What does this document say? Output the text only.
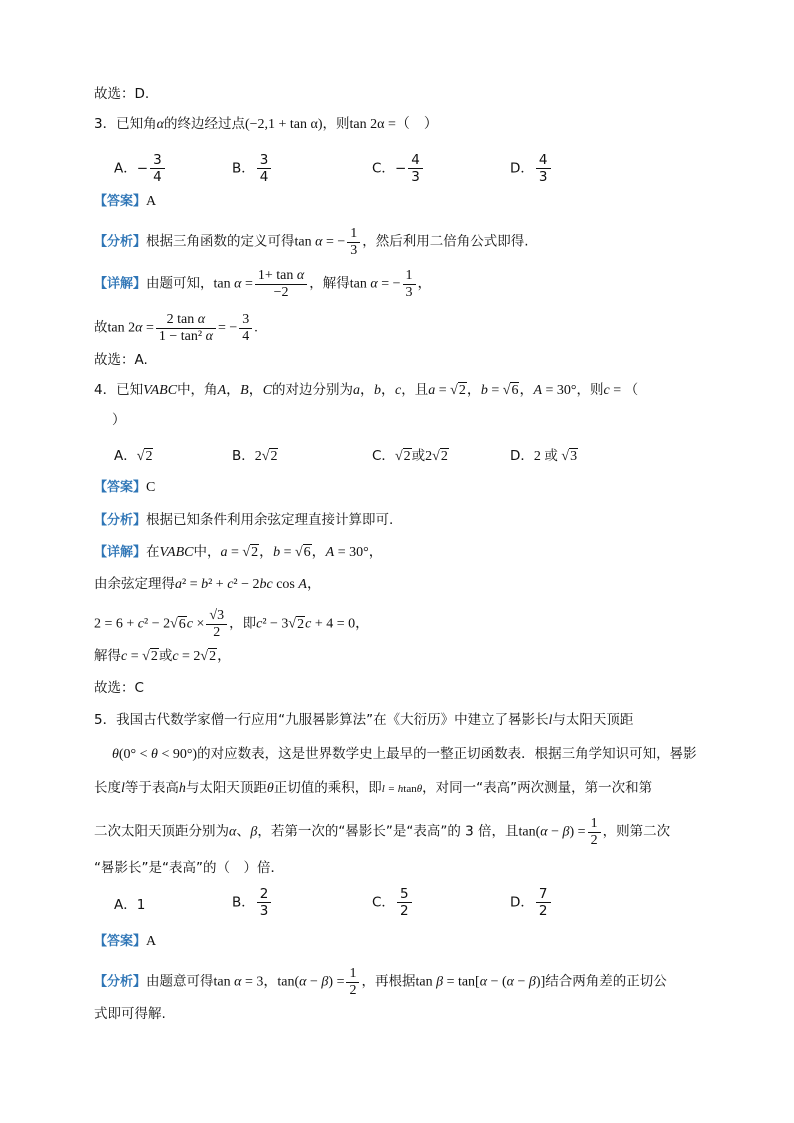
故选：D.
3．已知角α的终边经过点(−2,1 + tan α)，则tan 2α =（　）
A．− $\frac{3}{4}$	B． $\frac{3}{4}$	C．− $\frac{4}{3}$	D． $\frac{4}{3}$
【答案】A
【分析】根据三角函数的定义可得tan α = − $\frac{1}{3}$ ，然后利用二倍角公式即得.
【详解】由题可知，$\tan \alpha = \frac{\text{1+ tan α}}{-2}$ ，解得tan α = − $\frac{1}{3}$ ，
故$\tan 2\alpha = \frac{\text{2 tan α}}{\text{1 − tan² α}}$ = − $\frac{3}{4}$ .
故选：A.
4．已知VABC中，角A，B，C的对边分别为a，b，c，且a = √2，b = √6，A = 30°，则c = （
）
A．√2	B．2√2	C．√2或2√2	D．2 或 √3
【答案】C
【分析】根据已知条件利用余弦定理直接计算即可.
【详解】在VABC中，a = √2，b = √6，A = 30°，
由余弦定理得a² = b² + c² − 2bc cos A，
$2 = 6 + c^2 - 2√6c \times \frac{√3}{2}$ ，即c² − 3√2c + 4 = 0，
解得c = √2或c = 2√2，
故选：C
5．我国古代数学家僧一行应用“九服晷影算法”在《大衍历》中建立了晷影长l与太阳天顶距
θ(0° < θ < 90°)的对应数表，这是世界数学史上最早的一整正切函数表．根据三角学知识可知，晷影
长度l等于表高h与太阳天顶距θ正切值的乘积，即l = htanθ，对同一“表高”两次测量，第一次和第
二次太阳天顶距分别为α、β，若第一次的“晷影长”是“表高”的 3 倍，且$\tan(\alpha - \beta) = \frac{1}{2}$ ，则第二次
“晷影长”是“表高”的（　）倍．
A．1	B． $\frac{2}{3}$	C． $\frac{5}{2}$	D． $\frac{7}{2}$
【答案】A
【分析】由题意可得tan α = 3，$\tan(\alpha - \beta) = \frac{1}{2}$ ，再根据tan β = tan[α − (α − β)]结合两角差的正切公
式即可得解.
